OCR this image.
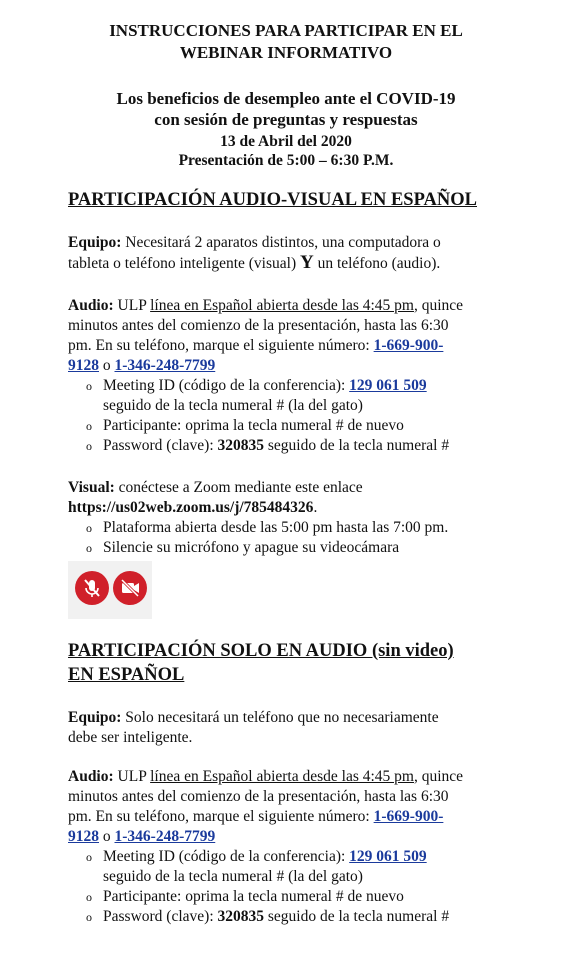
INSTRUCCIONES PARA PARTICIPAR EN EL
WEBINAR INFORMATIVO
Los beneficios de desempleo ante el COVID-19
con sesión de preguntas y respuestas
13 de Abril del 2020
Presentación de 5:00 – 6:30 P.M.
PARTICIPACIÓN AUDIO-VISUAL EN ESPAÑOL
Equipo: Necesitará 2 aparatos distintos, una computadora o
tableta o teléfono inteligente (visual) Y un teléfono (audio).
Audio: ULP línea en Español abierta desde las 4:45 pm, quince
minutos antes del comienzo de la presentación, hasta las 6:30
pm. En su teléfono, marque el siguiente número: 1-669-900-
9128 o 1-346-248-7799
o Meeting ID (código de la conferencia): 129 061 509
seguido de la tecla numeral # (la del gato)
o Participante: oprima la tecla numeral # de nuevo
o Password (clave): 320835 seguido de la tecla numeral #
Visual: conéctese a Zoom mediante este enlace
https://us02web.zoom.us/j/785484326.
o Plataforma abierta desde las 5:00 pm hasta las 7:00 pm.
o Silencie su micrófono y apague su videocámara
PARTICIPACIÓN SOLO EN AUDIO (sin video)
EN ESPAÑOL
Equipo: Solo necesitará un teléfono que no necesariamente
debe ser inteligente.
Audio: ULP línea en Español abierta desde las 4:45 pm, quince
minutos antes del comienzo de la presentación, hasta las 6:30
pm. En su teléfono, marque el siguiente número: 1-669-900-
9128 o 1-346-248-7799
o Meeting ID (código de la conferencia): 129 061 509
seguido de la tecla numeral # (la del gato)
o Participante: oprima la tecla numeral # de nuevo
o Password (clave): 320835 seguido de la tecla numeral #
